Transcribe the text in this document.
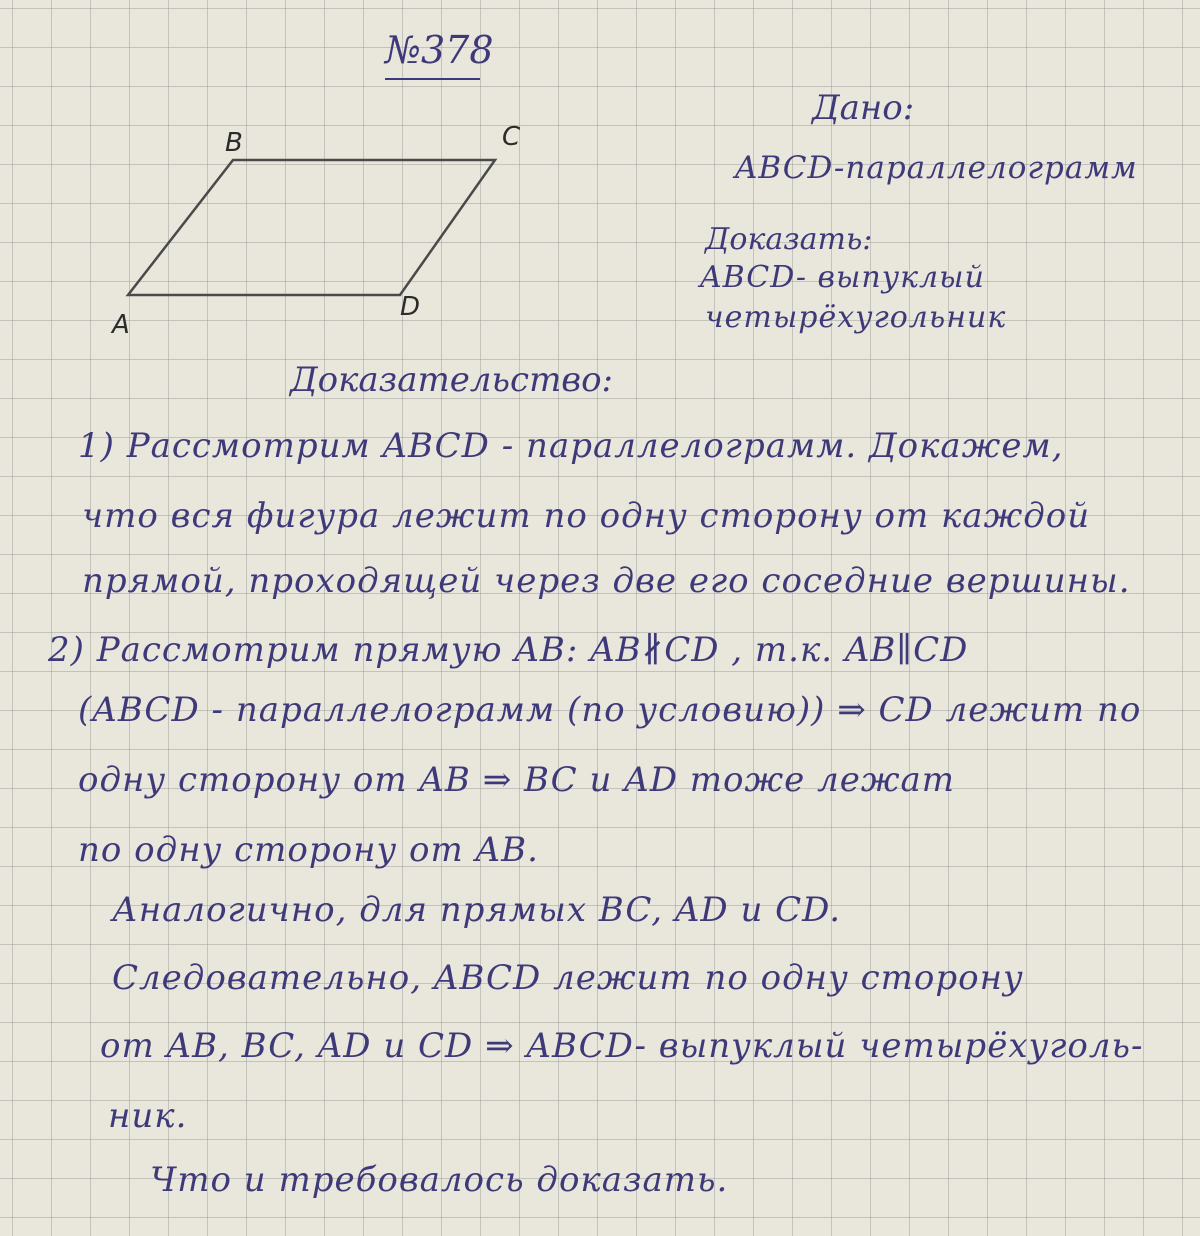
№378
B	C
A
D
Дано:
ABCD-параллелограмм
Доказать:
ABCD- выпуклый
четырёхугольник
Доказательство:
1) Рассмотрим ABCD - параллелограмм. Докажем,
что вся фигура лежит по одну сторону от каждой
прямой, проходящей через две его соседние вершины.
2) Рассмотрим прямую AB: AB∦CD , т.к. AB∥CD
(ABCD - параллелограмм (по условию)) ⇒ CD лежит по
одну сторону от AB ⇒ BC и AD тоже лежат
по одну сторону от AB.
Аналогично, для прямых BC, AD и CD.
Следовательно, ABCD лежит по одну сторону
от AB, BC, AD и CD ⇒ ABCD- выпуклый четырёхуголь-
ник.
Что и требовалось доказать.
